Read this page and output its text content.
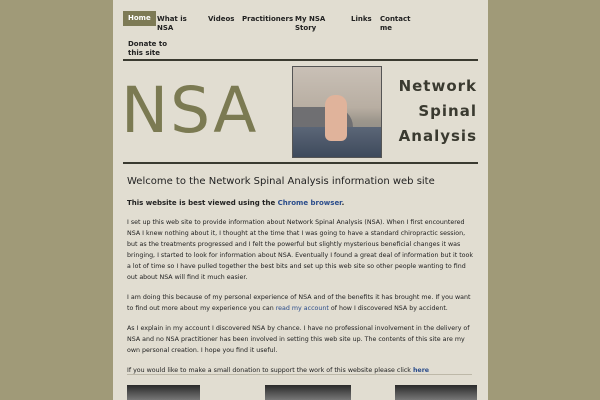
Home What is NSA
Videos Practitioners My NSA Story
Links Contact me
Donate to this site
NSA	Network
Spinal
Analysis
Welcome to the Network Spinal Analysis information web site
This website is best viewed using the Chrome browser.

I set up this web site to provide information about Network Spinal Analysis (NSA). When I first encountered NSA I knew nothing about it, I thought at the time that I was going to have a standard chiropractic session, but as the treatments progressed and I felt the powerful but slightly mysterious beneficial changes it was bringing, I started to look for information about NSA. Eventually I found a great deal of information but it took a lot of time so I have pulled together the best bits and set up this web site so other people wanting to find out about NSA will find it much easier.

I am doing this because of my personal experience of NSA and of the benefits it has brought me. If you want to find out more about my experience you can read my account of how I discovered NSA by accident.

As I explain in my account I discovered NSA by chance. I have no professional involvement in the delivery of NSA and no NSA practitioner has been involved in setting this web site up. The contents of this site are my own personal creation. I hope you find it useful.

If you would like to make a small donation to support the work of this website please click here
